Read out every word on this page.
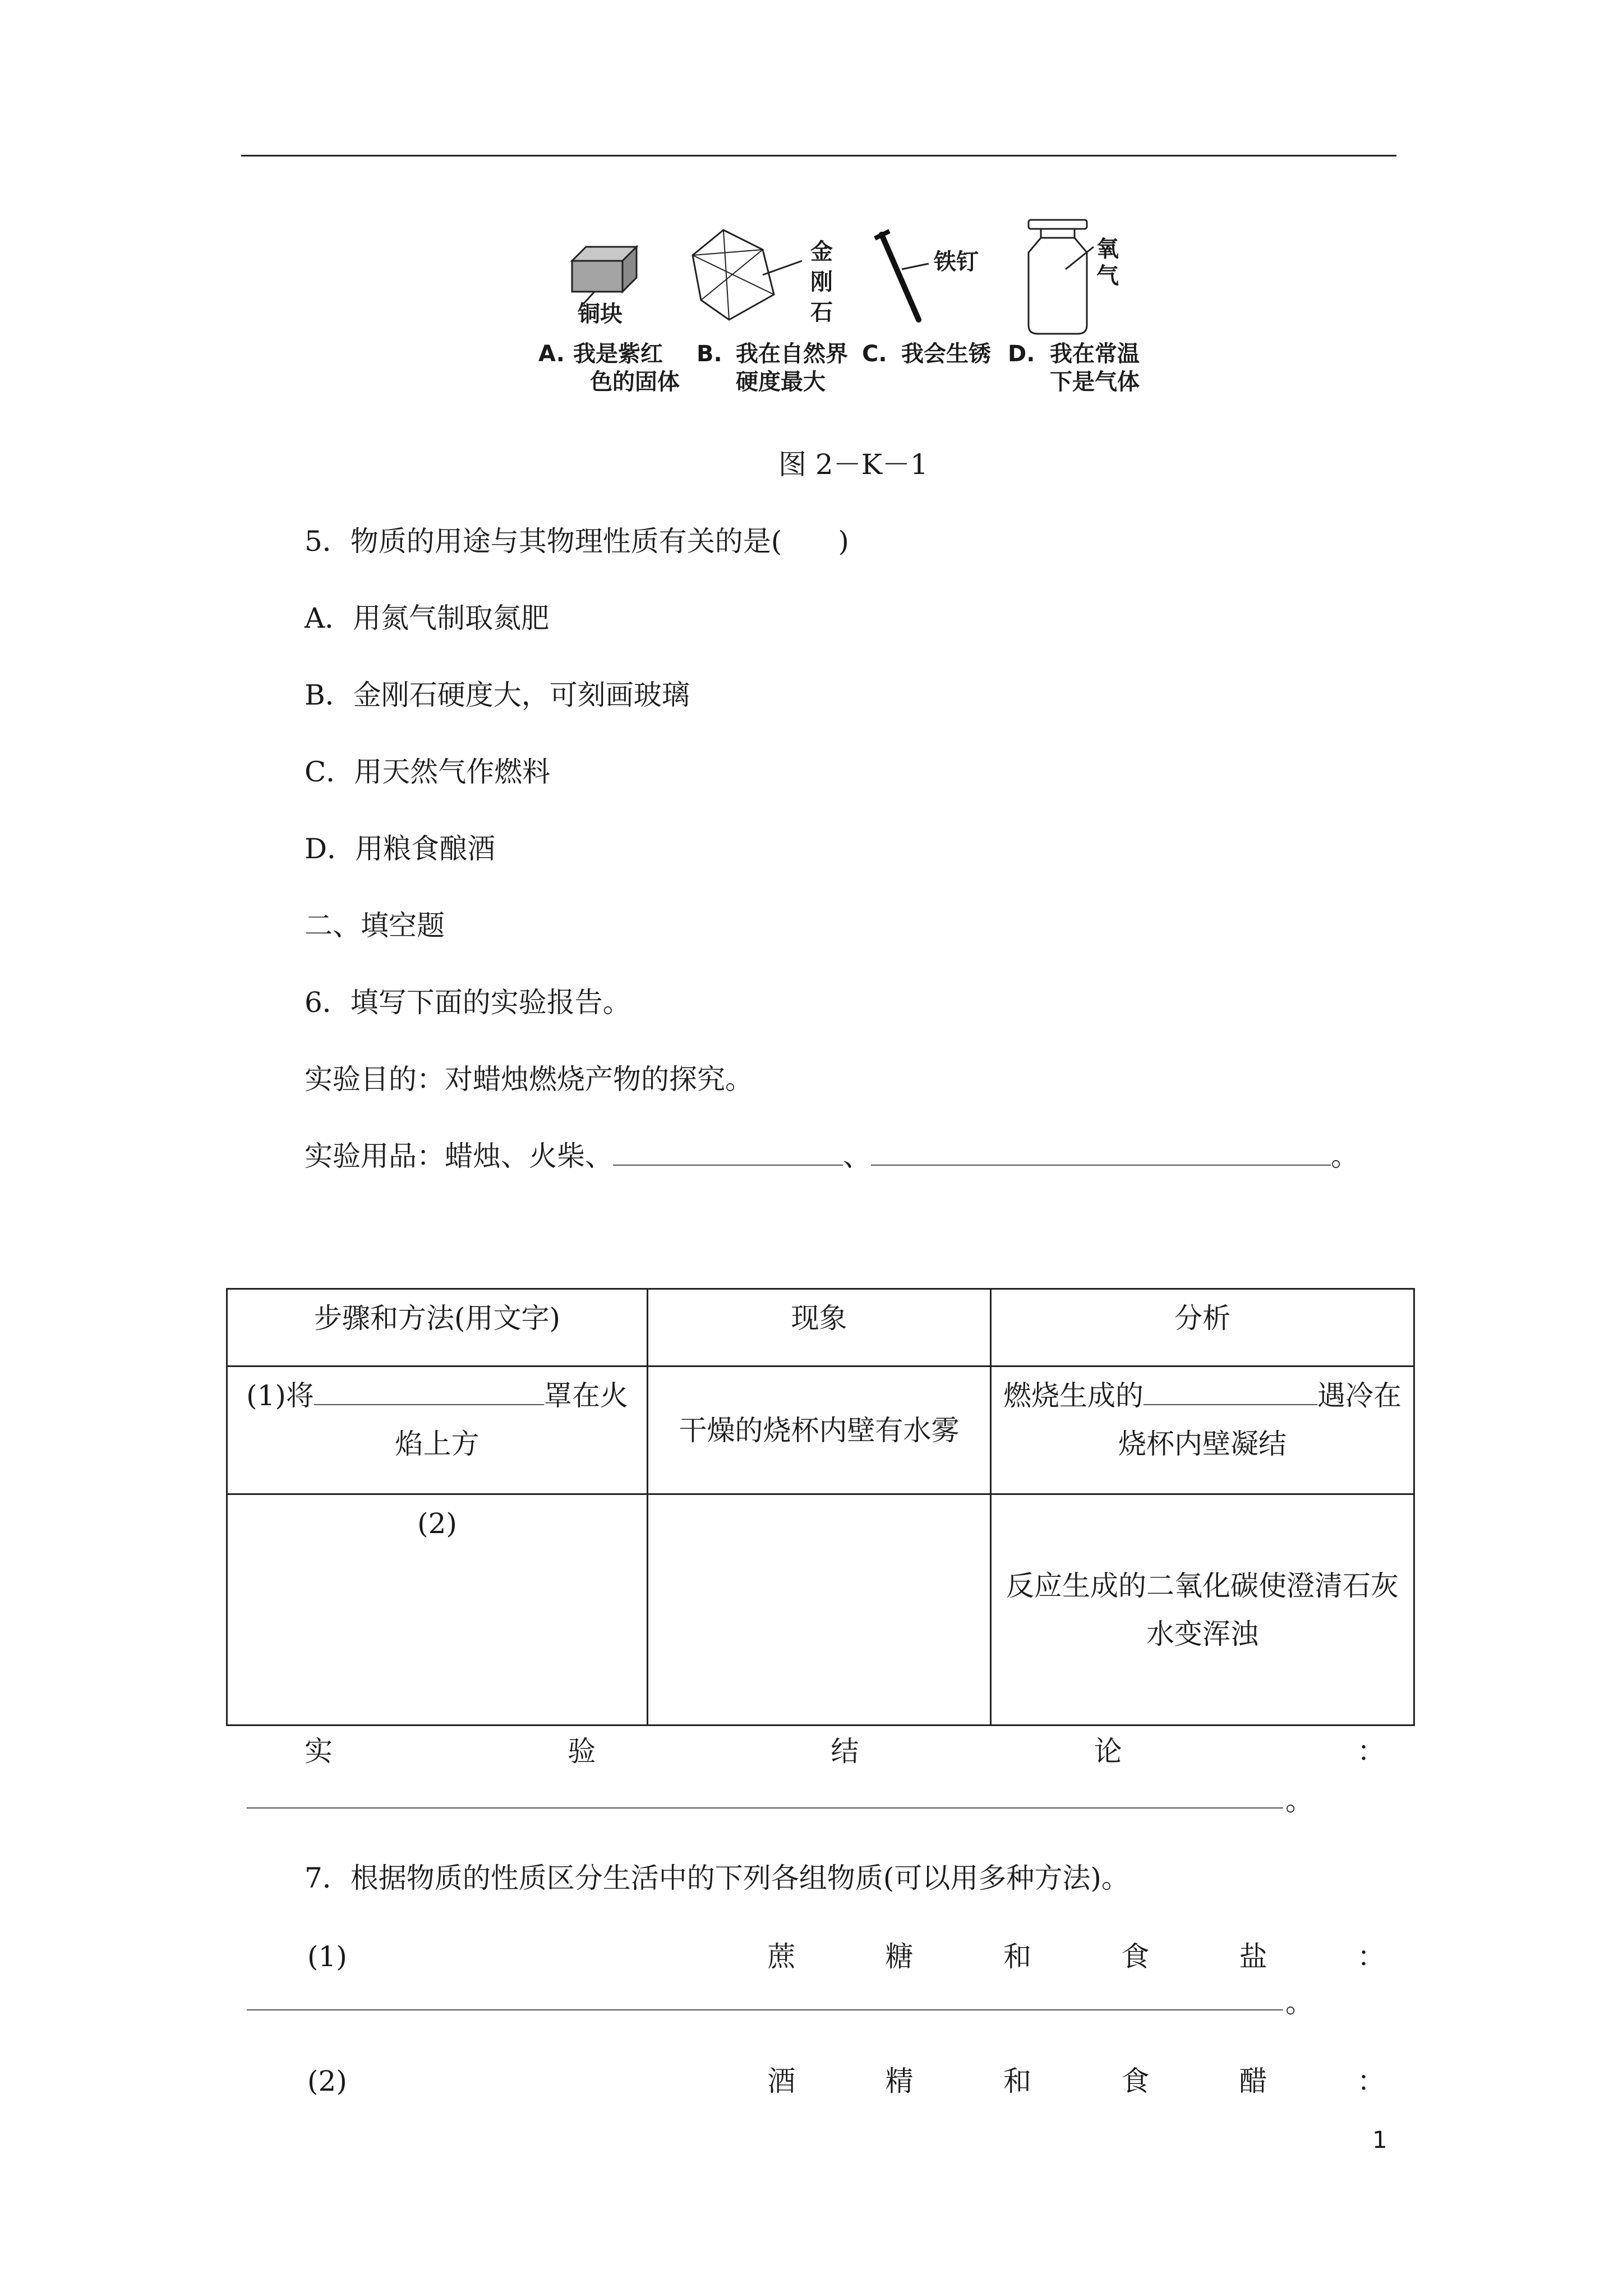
铜块
金刚石
铁钉	氧气
A. 我是紫红
色的固体
B. 我在自然界
硬度最大
C. 我会生锈 D. 我在常温
下是气体
图 2－K－1
5．物质的用途与其物理性质有关的是(　　)
A．用氮气制取氮肥
B．金刚石硬度大，可刻画玻璃
C．用天然气作燃料
D．用粮食酿酒
二、填空题
6．填写下面的实验报告。
实验目的：对蜡烛燃烧产物的探究。
实验用品：蜡烛、火柴、	、	。
步骤和方法(用文字)	现象	分析
(1)将 罩在火焰上方	干燥的烧杯内壁有水雾	燃烧生成的 遇冷在烧杯内壁凝结
(2)		反应生成的二氧化碳使澄清石灰水变浑浊
实	验	结	论	：
。
7．根据物质的性质区分生活中的下列各组物质(可以用多种方法)。
(1)	蔗	糖	和	食	盐	：
。
(2)	酒	精	和	食	醋	：
1
